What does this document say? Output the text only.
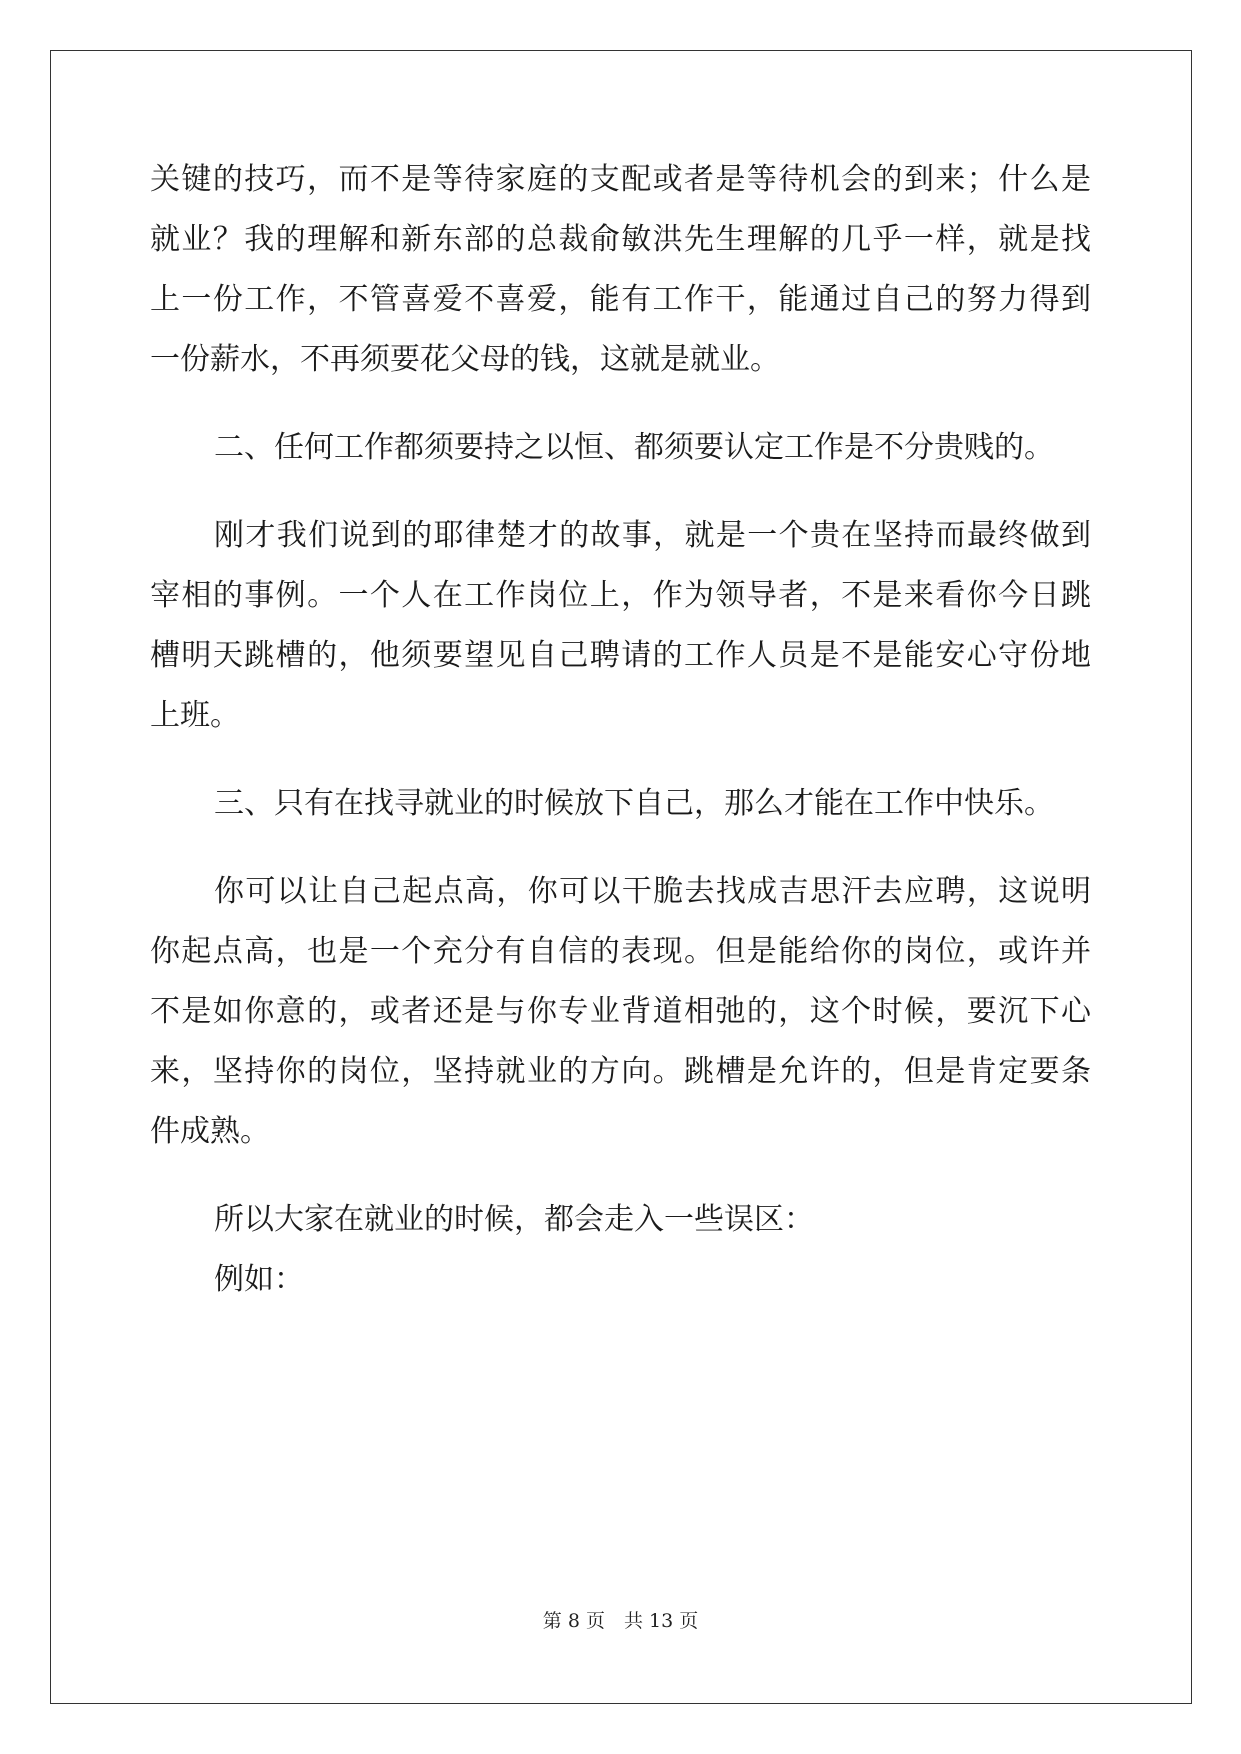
关键的技巧，而不是等待家庭的支配或者是等待机会的到来；什么是
就业？我的理解和新东部的总裁俞敏洪先生理解的几乎一样，就是找
上一份工作，不管喜爱不喜爱，能有工作干，能通过自己的努力得到
一份薪水，不再须要花父母的钱，这就是就业。
二、任何工作都须要持之以恒、都须要认定工作是不分贵贱的。
刚才我们说到的耶律楚才的故事，就是一个贵在坚持而最终做到
宰相的事例。一个人在工作岗位上，作为领导者，不是来看你今日跳
槽明天跳槽的，他须要望见自己聘请的工作人员是不是能安心守份地
上班。
三、只有在找寻就业的时候放下自己，那么才能在工作中快乐。
你可以让自己起点高，你可以干脆去找成吉思汗去应聘，这说明
你起点高，也是一个充分有自信的表现。但是能给你的岗位，或许并
不是如你意的，或者还是与你专业背道相弛的，这个时候，要沉下心
来，坚持你的岗位，坚持就业的方向。跳槽是允许的，但是肯定要条
件成熟。
所以大家在就业的时候，都会走入一些误区：
例如：
第 8 页　共 13 页
